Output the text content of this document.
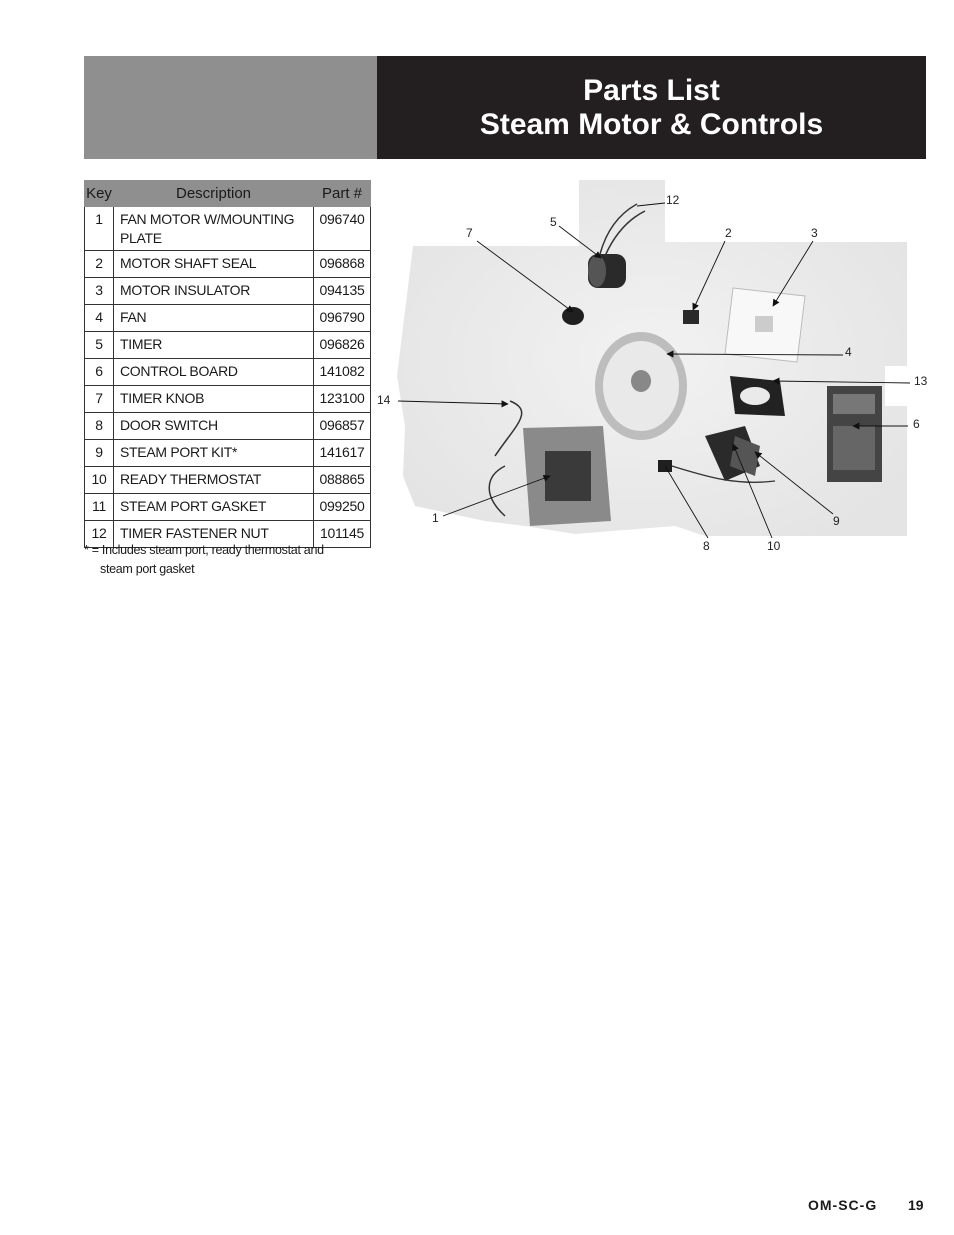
Parts List
Steam Motor & Controls
Key	Description	Part #
1	FAN MOTOR W/MOUNTING PLATE	096740
2	MOTOR SHAFT SEAL	096868
3	MOTOR INSULATOR	094135
4	FAN	096790
5	TIMER	096826
6	CONTROL BOARD	141082
7	TIMER KNOB	123100
8	DOOR SWITCH	096857
9	STEAM PORT KIT*	141617
10	READY THERMOSTAT	088865
11	STEAM PORT GASKET	099250
12	TIMER FASTENER NUT	101145
* = Includes steam port, ready thermostat and
steam port gasket
12
5
7	2	3
4
13
6
14
1	9
8	10
OM-SC-G 19
